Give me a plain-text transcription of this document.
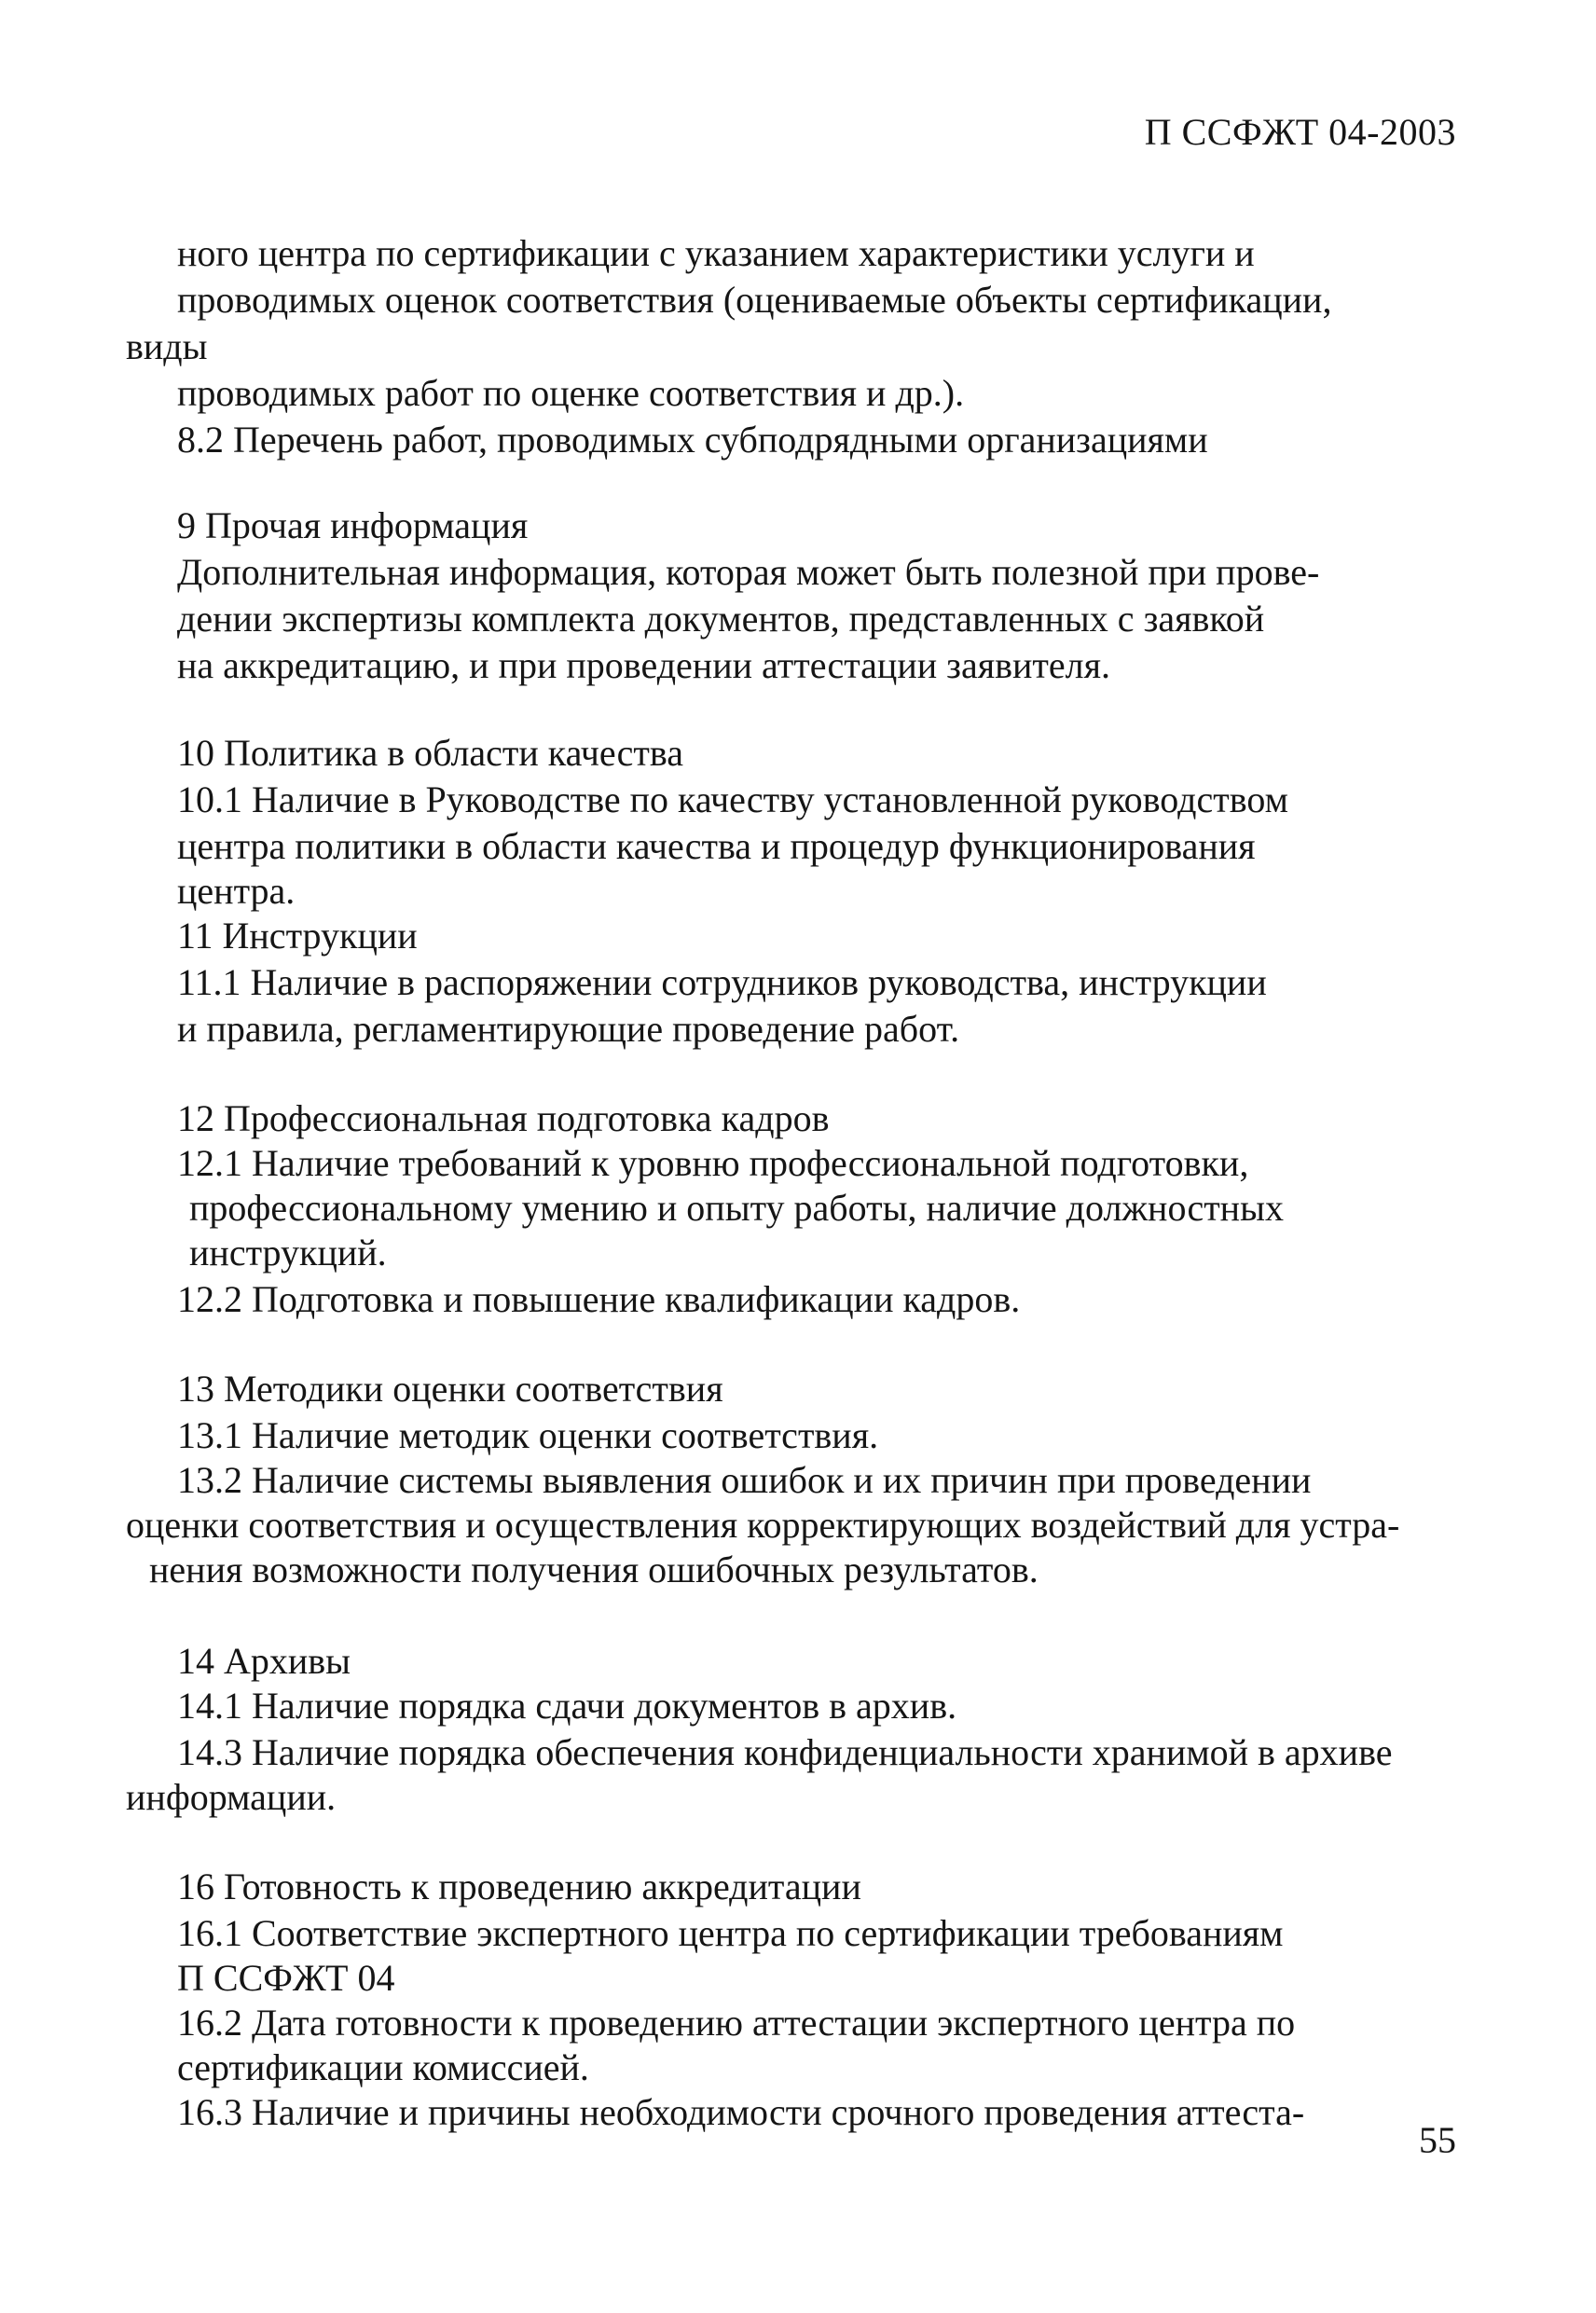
П ССФЖТ 04-2003
ного центра по сертификации с указанием характеристики услуги и
проводимых оценок соответствия (оцениваемые объекты сертификации,
виды
проводимых работ по оценке соответствия и др.).
8.2 Перечень работ, проводимых субподрядными организациями
9 Прочая информация
Дополнительная информация, которая может быть полезной при прове-
дении экспертизы комплекта документов, представленных с заявкой
на аккредитацию, и при проведении аттестации заявителя.
10 Политика в области качества
10.1 Наличие в Руководстве по качеству установленной руководством
центра политики в области качества и процедур функционирования
центра.
11 Инструкции
11.1 Наличие в распоряжении сотрудников руководства, инструкции
и правила, регламентирующие проведение работ.
12 Профессиональная подготовка кадров
12.1 Наличие требований к уровню профессиональной подготовки,
профессиональному умению и опыту работы, наличие должностных
инструкций.
12.2 Подготовка и повышение квалификации кадров.
13 Методики оценки соответствия
13.1 Наличие методик оценки соответствия.
13.2 Наличие системы выявления ошибок и их причин при проведении
оценки соответствия и осуществления корректирующих воздействий для устра-
нения возможности получения ошибочных результатов.
14 Архивы
14.1 Наличие порядка сдачи документов в архив.
14.3 Наличие порядка обеспечения конфиденциальности хранимой в архиве
информации.
16 Готовность к проведению аккредитации
16.1 Соответствие экспертного центра по сертификации требованиям
П ССФЖТ 04
16.2 Дата готовности к проведению аттестации экспертного центра по
сертификации комиссией.
16.3 Наличие и причины необходимости срочного проведения аттеста-
55
